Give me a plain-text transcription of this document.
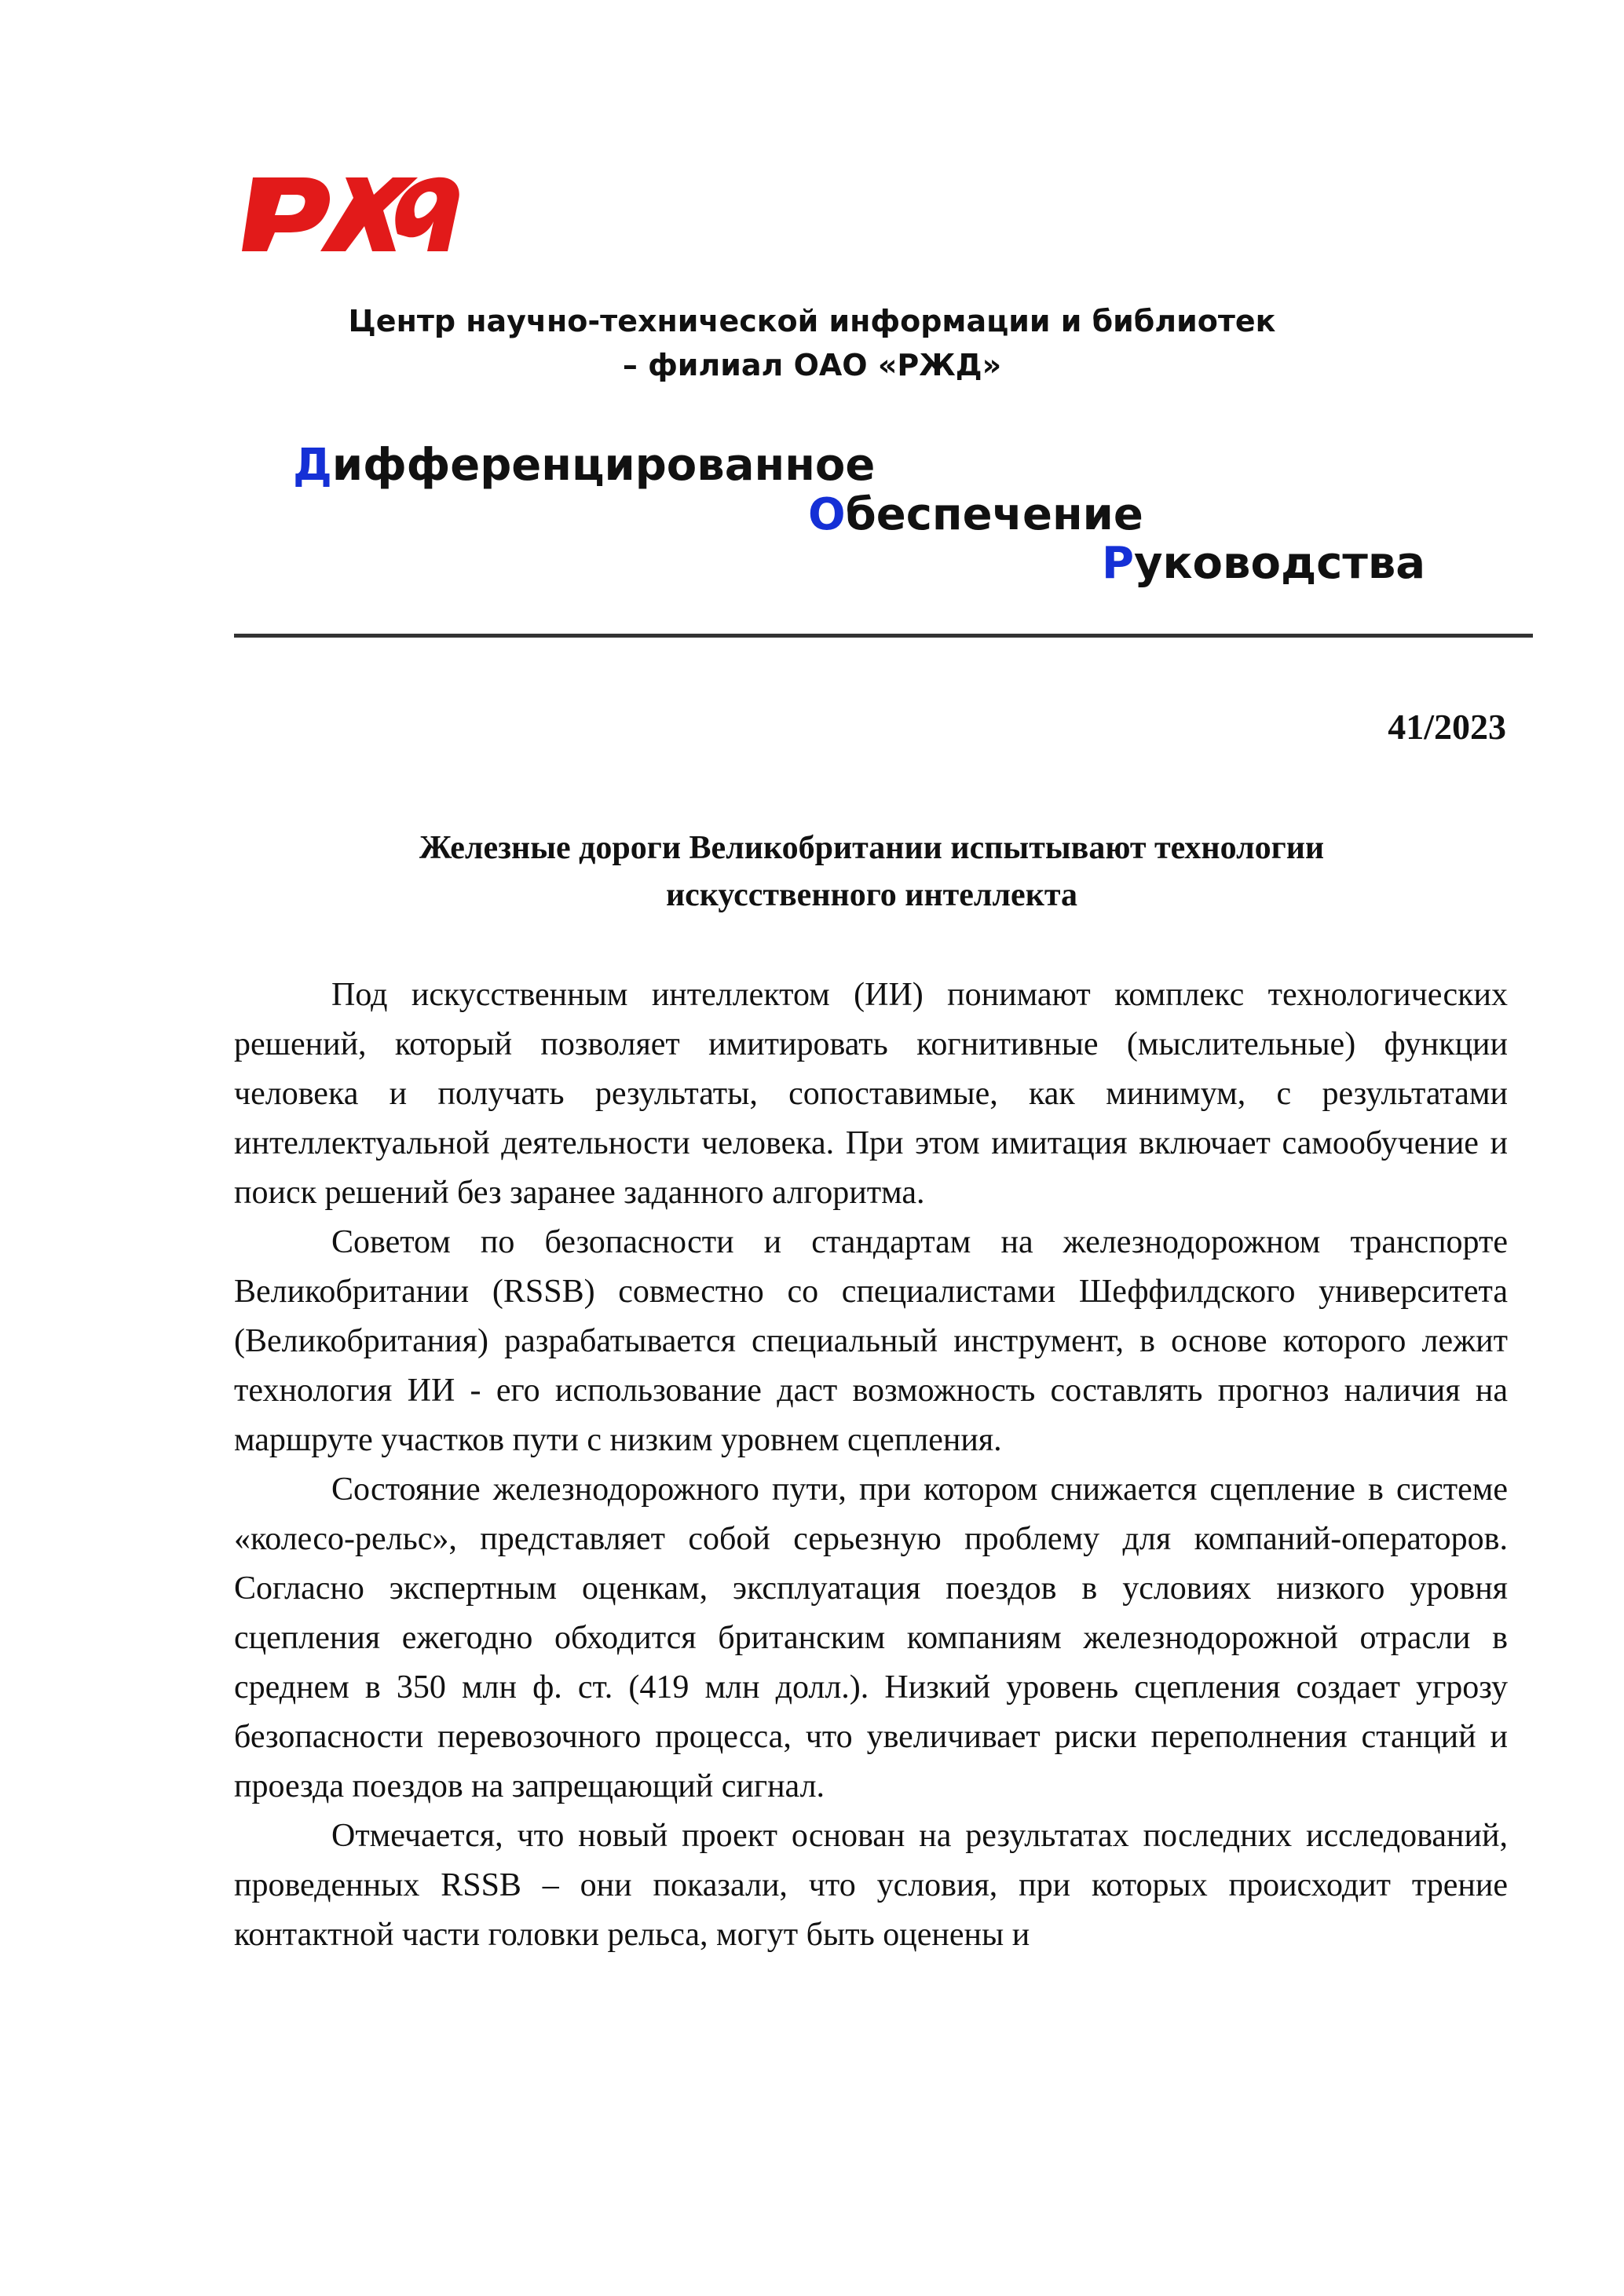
Центр научно-технической информации и библиотек
– филиал ОАО «РЖД»
Дифференцированное
Обеспечение
Руководства
41/2023
Железные дороги Великобритании испытывают технологии
искусственного интеллекта

Под искусственным интеллектом (ИИ) понимают комплекс технологических решений, который позволяет имитировать когнитивные (мыслительные) функции человека и получать результаты, сопоставимые, как минимум, с результатами интеллектуальной деятельности человека. При этом имитация включает самообучение и поиск решений без заранее заданного алгоритма.

Советом по безопасности и стандартам на железнодорожном транспорте Великобритании (RSSB) совместно со специалистами Шеффилдского университета (Великобритания) разрабатывается специальный инструмент, в основе которого лежит технология ИИ - его использование даст возможность составлять прогноз наличия на маршруте участков пути с низким уровнем сцепления.

Состояние железнодорожного пути, при котором снижается сцепление в системе «колесо-рельс», представляет собой серьезную проблему для компаний-операторов. Согласно экспертным оценкам, эксплуатация поездов в условиях низкого уровня сцепления ежегодно обходится британским компаниям железнодорожной отрасли в среднем в 350 млн ф. ст. (419 млн долл.). Низкий уровень сцепления создает угрозу безопасности перевозочного процесса, что увеличивает риски переполнения станций и проезда поездов на запрещающий сигнал.

Отмечается, что новый проект основан на результатах последних исследований, проведенных RSSB – они показали, что условия, при которых происходит трение контактной части головки рельса, могут быть оценены и
